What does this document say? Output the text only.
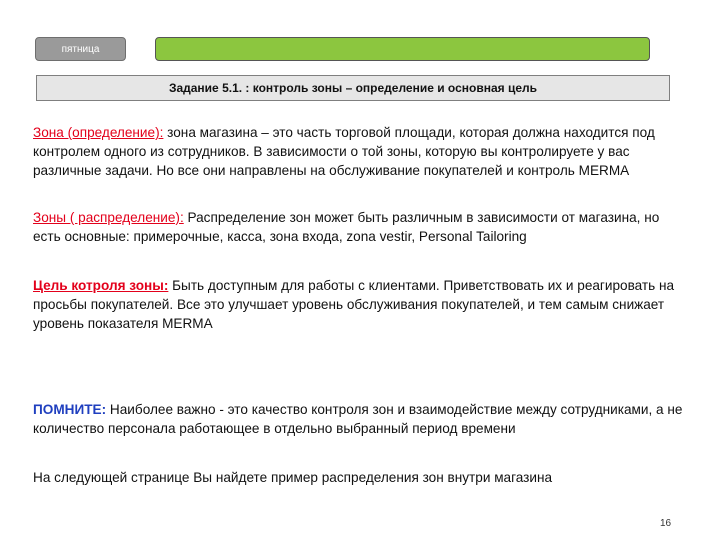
пятница
Задание 5.1. : контроль зоны – определение и основная цель
Зона (определение): зона магазина – это часть торговой площади, которая должна находится под контролем одного из сотрудников. В зависимости о той зоны, которую вы контролируете у вас различные задачи. Но все они направлены на обслуживание покупателей и контроль MERMA
Зоны ( распределение): Распределение зон может быть различным в зависимости от магазина, но есть основные: примерочные, касса, зона входа, zona vestir, Personal Tailoring
Цель котроля зоны: Быть доступным для работы с клиентами. Приветствовать их и реагировать на просьбы покупателей. Все это улучшает уровень обслуживания покупателей, и тем самым снижает уровень показателя MERMA
ПОМНИТЕ: Наиболее важно - это качество контроля зон и взаимодействие между сотрудниками, а не количество персонала работающее в отдельно выбранный период времени
На следующей странице Вы найдете пример распределения зон внутри магазина
16
